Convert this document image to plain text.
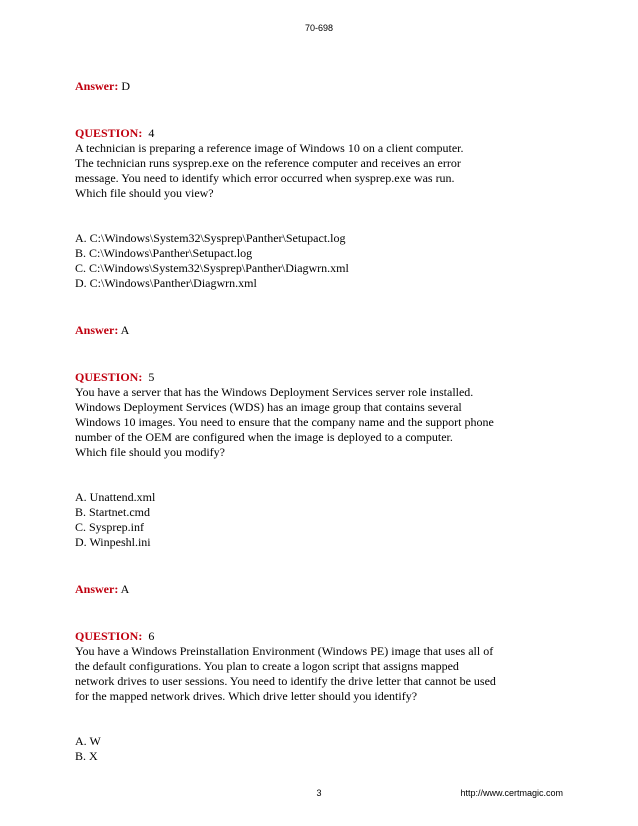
70-698

Answer: D

QUESTION: 4

A technician is preparing a reference image of Windows 10 on a client computer.
The technician runs sysprep.exe on the reference computer and receives an error
message. You need to identify which error occurred when sysprep.exe was run.
Which file should you view?
A. C:\Windows\System32\Sysprep\Panther\Setupact.log
B. C:\Windows\Panther\Setupact.log
C. C:\Windows\System32\Sysprep\Panther\Diagwrn.xml
D. C:\Windows\Panther\Diagwrn.xml

Answer: A

QUESTION: 5

You have a server that has the Windows Deployment Services server role installed.
Windows Deployment Services (WDS) has an image group that contains several
Windows 10 images. You need to ensure that the company name and the support phone
number of the OEM are configured when the image is deployed to a computer.
Which file should you modify?
A. Unattend.xml
B. Startnet.cmd
C. Sysprep.inf
D. Winpeshl.ini

Answer: A

QUESTION: 6

You have a Windows Preinstallation Environment (Windows PE) image that uses all of
the default configurations. You plan to create a logon script that assigns mapped
network drives to user sessions. You need to identify the drive letter that cannot be used
for the mapped network drives. Which drive letter should you identify?
A. W
B. X
3	http://www.certmagic.com
